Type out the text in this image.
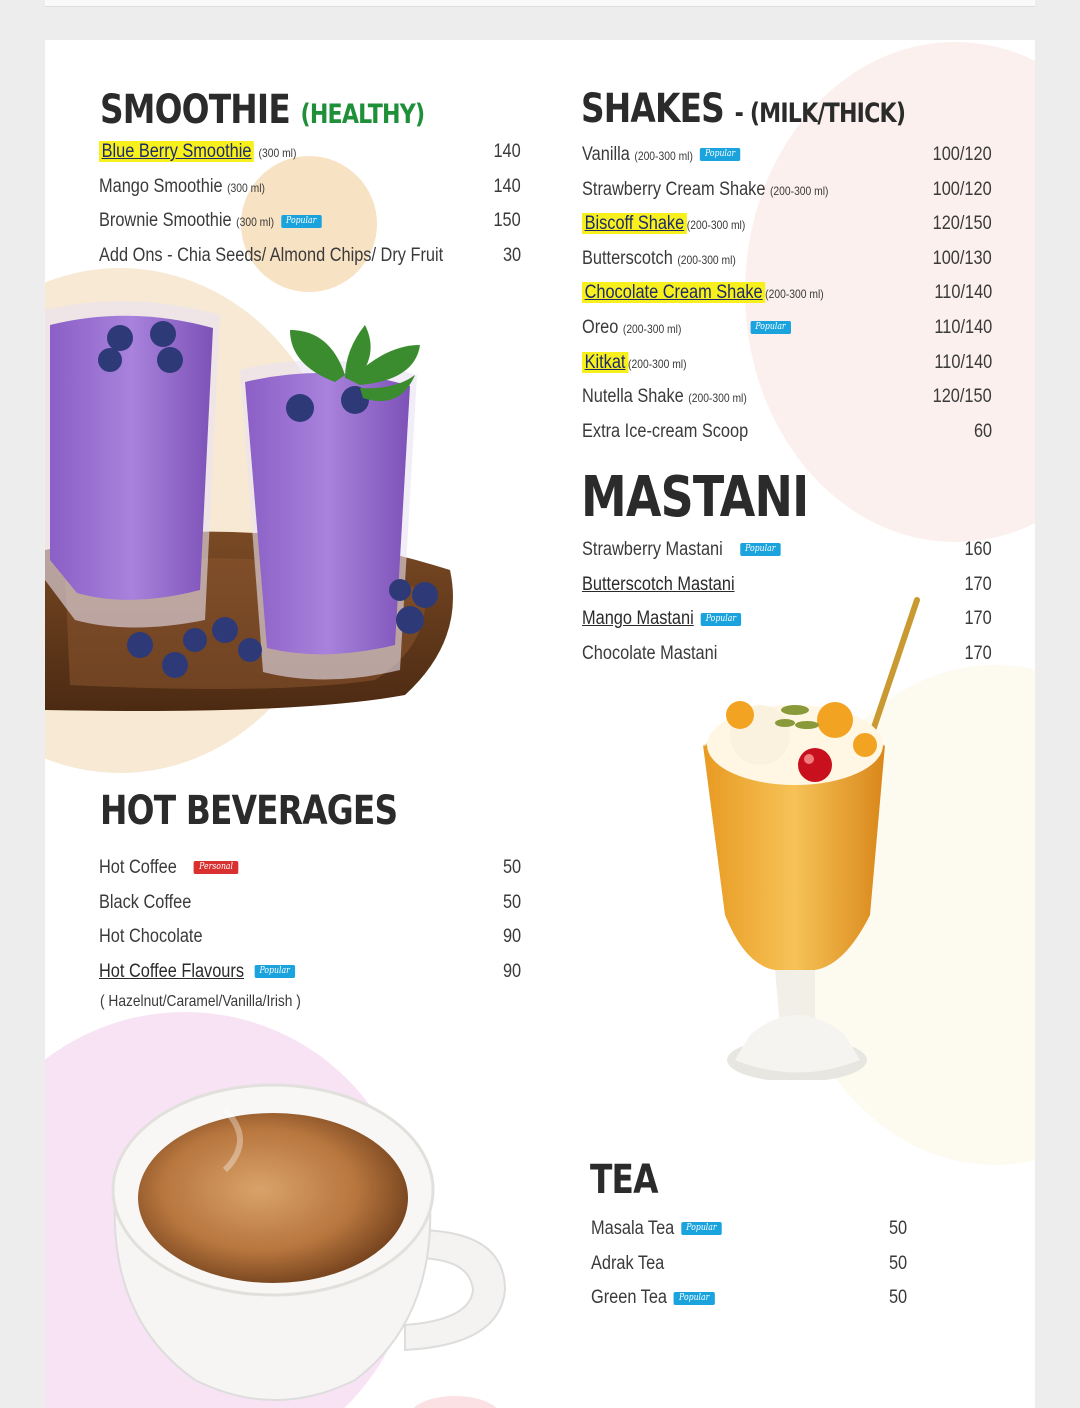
SMOOTHIE (HEALTHY)
Blue Berry Smoothie (300 ml)	140
Mango Smoothie (300 ml)	140
Brownie Smoothie (300 ml) Popular	150
Add Ons - Chia Seeds/ Almond Chips/ Dry Fruit	30
SHAKES - (MILK/THICK)
Vanilla (200-300 ml) Popular	100/120
Strawberry Cream Shake (200-300 ml)	100/120
Biscoff Shake (200-300 ml)	120/150
Butterscotch (200-300 ml)	100/130
Chocolate Cream Shake (200-300 ml)	110/140
Oreo (200-300 ml)	Popular	110/140
Kitkat (200-300 ml)	110/140
Nutella Shake (200-300 ml)	120/150
Extra Ice-cream Scoop	60
MASTANI
Strawberry Mastani Popular	160
Butterscotch Mastani	170
Mango Mastani Popular	170
Chocolate Mastani	170
HOT BEVERAGES
Hot Coffee Personal	50
Black Coffee	50
Hot Chocolate	90
Hot Coffee Flavours Popular	90
( Hazelnut/Caramel/Vanilla/Irish )
TEA
Masala Tea Popular	50
Adrak Tea	50
Green Tea Popular	50
